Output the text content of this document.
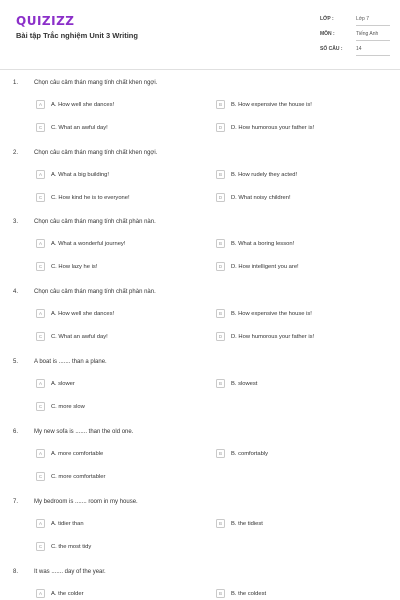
QUIZIZZ
Bài tập Trắc nghiệm Unit 3 Writing
LỚP :	Lớp 7
MÔN :	Tiếng Anh
SỐ CÂU :	14
1.	Chọn câu cảm thán mang tính chất khen ngợi.
A	A. How well she dances!	B	B. How expensive the house is!
C	C. What an awful day!	D	D. How humorous your father is!
2.	Chọn câu cảm thán mang tính chất khen ngợi.
A	A. What a big building!	B	B. How rudely they acted!
C	C. How kind he is to everyone!	D	D. What noisy children!
3.	Chọn câu cảm thán mang tính chất phàn nàn.
A	A. What a wonderful journey!	B	B. What a boring lesson!
C	C. How lazy he is!	D	D. How intelligent you are!
4.	Chọn câu cảm thán mang tính chất phàn nàn.
A	A. How well she dances!	B	B. How expensive the house is!
C	C. What an awful day!	D	D. How humorous your father is!
5.	A boat is ....... than a plane.
A	A. slower	B	B. slowest
C	C. more slow
6.	My new sofa is ....... than the old one.
A	A. more comfortable	B	B. comfortably
C	C. more comfortabler
7.	My bedroom is ....... room in my house.
A	A. tidier than	B	B. the tidiest
C	C. the most tidy
8.	It was ....... day of the year.
A	A. the colder	B	B. the coldest
